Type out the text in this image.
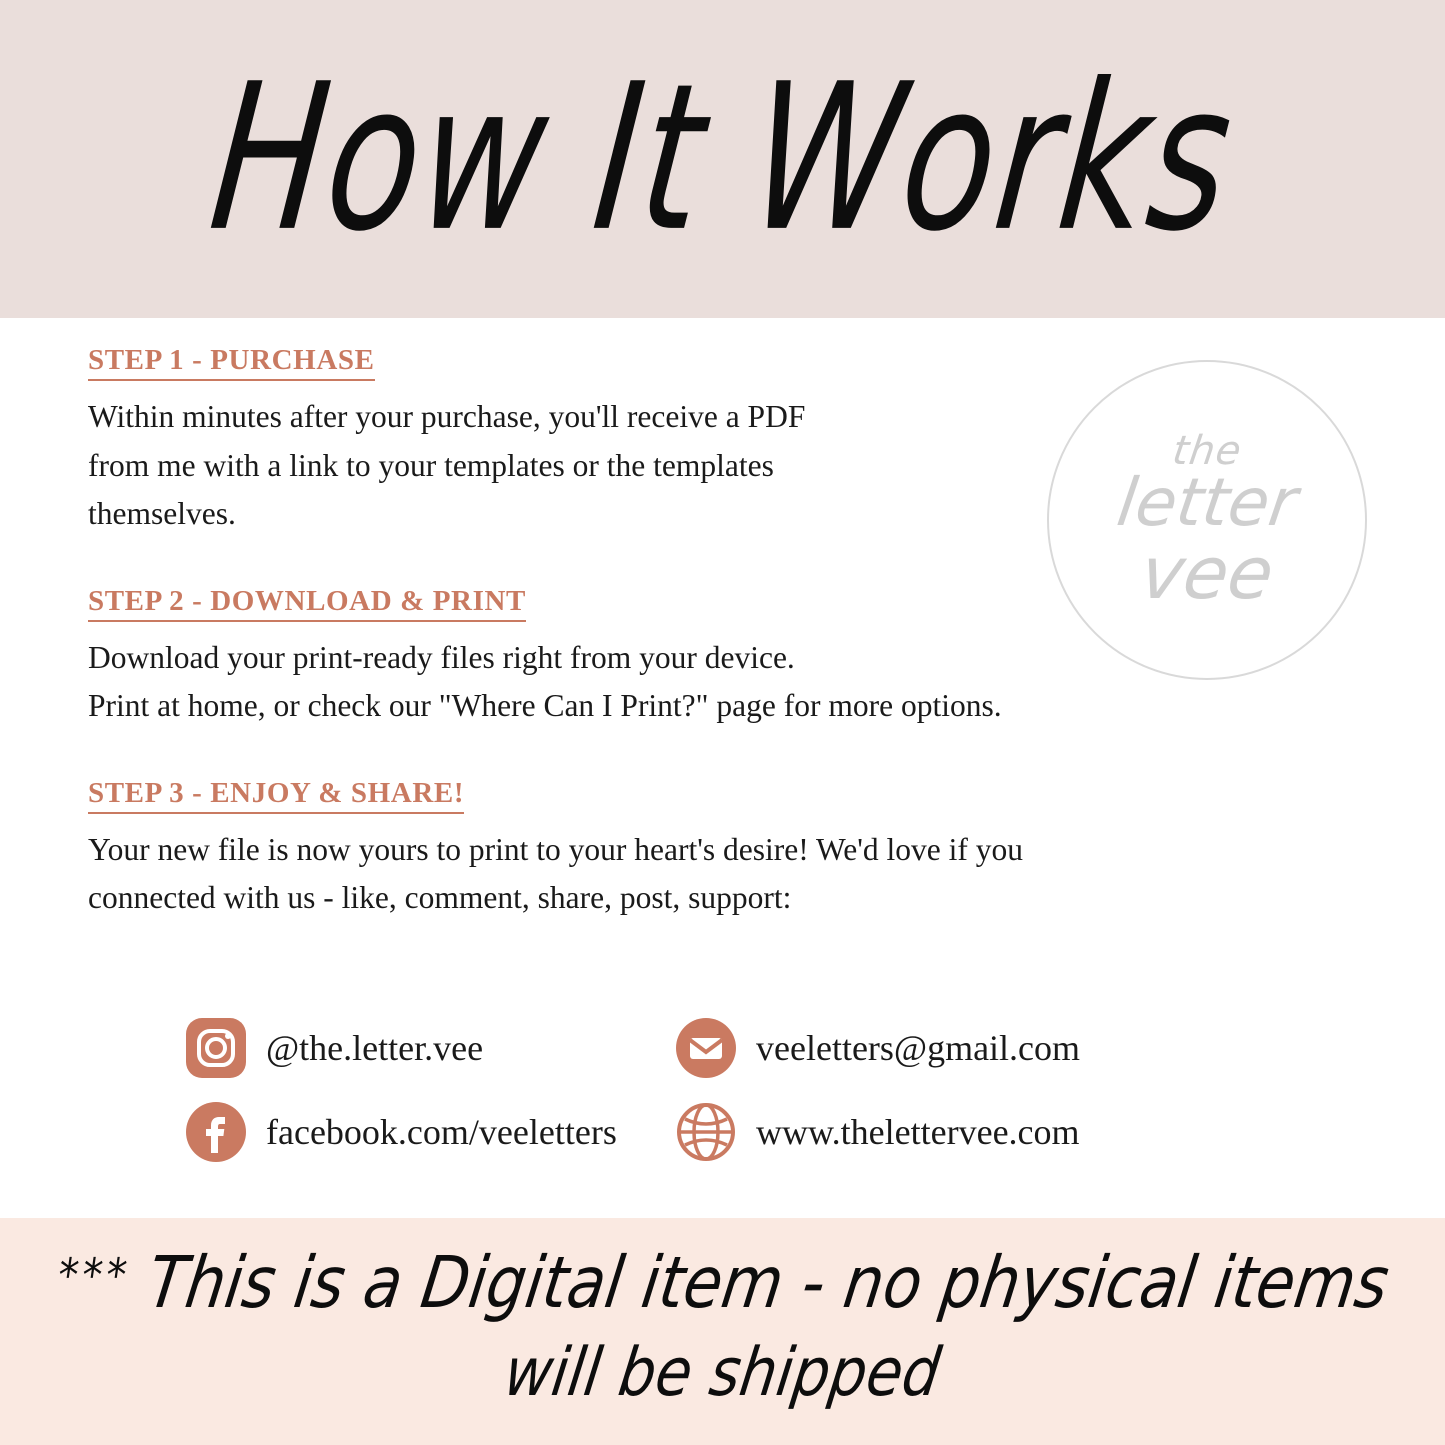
How It Works
STEP 1 - PURCHASE
Within minutes after your purchase, you'll receive a PDF
from me with a link to your templates or the templates
themselves.
STEP 2 - DOWNLOAD & PRINT
Download your print-ready files right from your device.
Print at home, or check our "Where Can I Print?" page for more options.
STEP 3 - ENJOY & SHARE!
Your new file is now yours to print to your heart's desire! We'd love if you
connected with us - like, comment, share, post, support:
the
letter
vee
@the.letter.vee	veeletters@gmail.com
facebook.com/veeletters	www.thelettervee.com
*** This is a Digital item - no physical items
will be shipped
